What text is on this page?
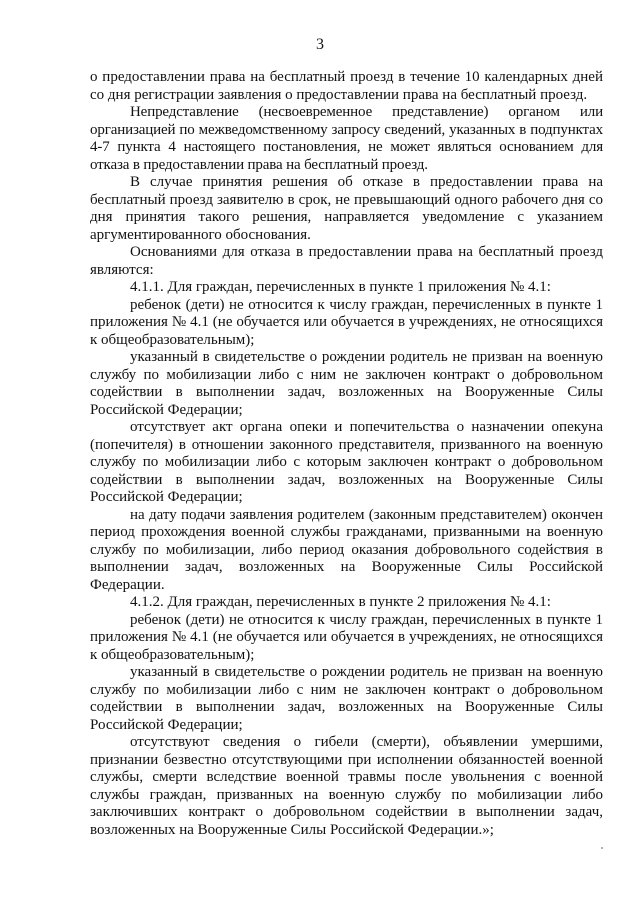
3

о предоставлении права на бесплатный проезд в течение 10 календарных дней со дня регистрации заявления о предоставлении права на бесплатный проезд.

Непредставление (несвоевременное представление) органом или организацией по межведомственному запросу сведений, указанных в подпунктах 4-7 пункта 4 настоящего постановления, не может являться основанием для отказа в предоставлении права на бесплатный проезд.

В случае принятия решения об отказе в предоставлении права на бесплатный проезд заявителю в срок, не превышающий одного рабочего дня со дня принятия такого решения, направляется уведомление с указанием аргументированного обоснования.

Основаниями для отказа в предоставлении права на бесплатный проезд являются:

4.1.1. Для граждан, перечисленных в пункте 1 приложения № 4.1:

ребенок (дети) не относится к числу граждан, перечисленных в пункте 1 приложения № 4.1 (не обучается или обучается в учреждениях, не относящихся к общеобразовательным);

указанный в свидетельстве о рождении родитель не призван на военную службу по мобилизации либо с ним не заключен контракт о добровольном содействии в выполнении задач, возложенных на Вооруженные Силы Российской Федерации;

отсутствует акт органа опеки и попечительства о назначении опекуна (попечителя) в отношении законного представителя, призванного на военную службу по мобилизации либо с которым заключен контракт о добровольном содействии в выполнении задач, возложенных на Вооруженные Силы Российской Федерации;

на дату подачи заявления родителем (законным представителем) окончен период прохождения военной службы гражданами, призванными на военную службу по мобилизации, либо период оказания добровольного содействия в выполнении задач, возложенных на Вооруженные Силы Российской Федерации.

4.1.2. Для граждан, перечисленных в пункте 2 приложения № 4.1:

ребенок (дети) не относится к числу граждан, перечисленных в пункте 1 приложения № 4.1 (не обучается или обучается в учреждениях, не относящихся к общеобразовательным);

указанный в свидетельстве о рождении родитель не призван на военную службу по мобилизации либо с ним не заключен контракт о добровольном содействии в выполнении задач, возложенных на Вооруженные Силы Российской Федерации;

отсутствуют сведения о гибели (смерти), объявлении умершими, признании безвестно отсутствующими при исполнении обязанностей военной службы, смерти вследствие военной травмы после увольнения с военной службы граждан, призванных на военную службу по мобилизации либо заключивших контракт о добровольном содействии в выполнении задач, возложенных на Вооруженные Силы Российской Федерации.»;
